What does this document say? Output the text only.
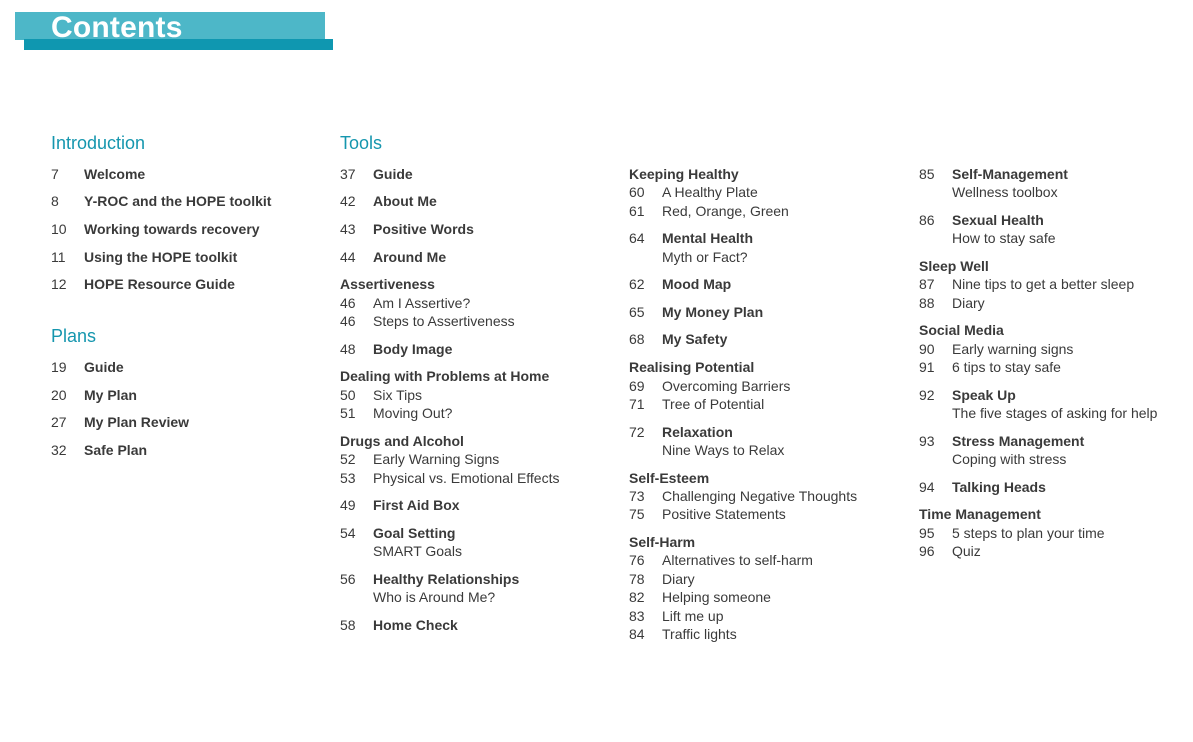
Contents
Introduction
7 Welcome
8 Y-ROC and the HOPE toolkit
10 Working towards recovery
11 Using the HOPE toolkit
12 HOPE Resource Guide
Plans
19 Guide
20 My Plan
27 My Plan Review
32 Safe Plan
Tools
37 Guide
42 About Me
43 Positive Words
44 Around Me
Assertiveness
46 Am I Assertive?
46 Steps to Assertiveness
48 Body Image
Dealing with Problems at Home
50 Six Tips
51 Moving Out?
Drugs and Alcohol
52 Early Warning Signs
53 Physical vs. Emotional Effects
49 First Aid Box
54 Goal Setting
SMART Goals
56 Healthy Relationships
Who is Around Me?
58 Home Check
Keeping Healthy
60 A Healthy Plate
61 Red, Orange, Green
64 Mental Health
Myth or Fact?
62 Mood Map
65 My Money Plan
68 My Safety
Realising Potential
69 Overcoming Barriers
71 Tree of Potential
72 Relaxation
Nine Ways to Relax
Self-Esteem
73 Challenging Negative Thoughts
75 Positive Statements
Self-Harm
76 Alternatives to self-harm
78 Diary
82 Helping someone
83 Lift me up
84 Traffic lights
85 Self-Management
Wellness toolbox
86 Sexual Health
How to stay safe
Sleep Well
87 Nine tips to get a better sleep
88 Diary
Social Media
90 Early warning signs
91 6 tips to stay safe
92 Speak Up
The five stages of asking for help
93 Stress Management
Coping with stress
94 Talking Heads
Time Management
95 5 steps to plan your time
96 Quiz
